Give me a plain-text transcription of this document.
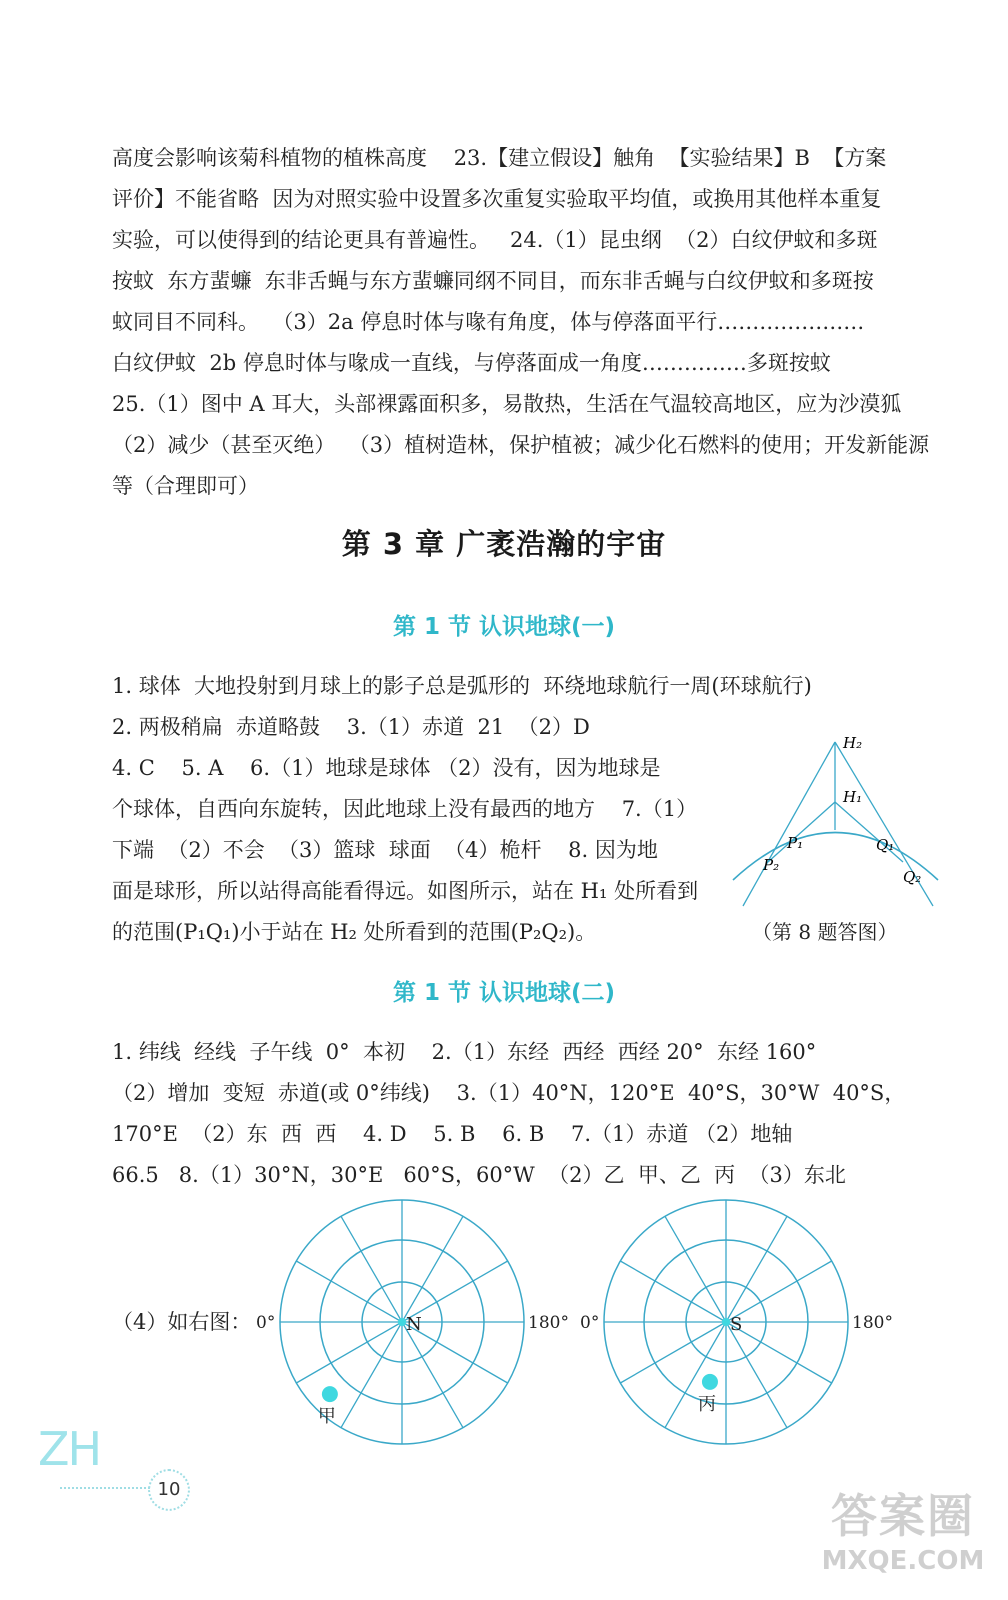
高度会影响该菊科植物的植株高度    23.【建立假设】触角  【实验结果】B  【方案
评价】不能省略  因为对照实验中设置多次重复实验取平均值，或换用其他样本重复
实验，可以使得到的结论更具有普遍性。   24.（1）昆虫纲  （2）白纹伊蚊和多斑
按蚊  东方蜚蠊  东非舌蝇与东方蜚蠊同纲不同目，而东非舌蝇与白纹伊蚊和多斑按
蚊同目不同科。  （3）2a 停息时体与喙有角度，体与停落面平行…………………
白纹伊蚊  2b 停息时体与喙成一直线，与停落面成一角度……………多斑按蚊
25.（1）图中 A 耳大，头部裸露面积多，易散热，生活在气温较高地区，应为沙漠狐
（2）减少（甚至灭绝）  （3）植树造林，保护植被；减少化石燃料的使用；开发新能源
等（合理即可）
第 3 章 广袤浩瀚的宇宙
第 1 节 认识地球(一)
1. 球体  大地投射到月球上的影子总是弧形的  环绕地球航行一周(环球航行)
2. 两极稍扁  赤道略鼓    3.（1）赤道  21  （2）D
4. C    5. A    6.（1）地球是球体 （2）没有，因为地球是
个球体，自西向东旋转，因此地球上没有最西的地方    7.（1）
下端  （2）不会  （3）篮球  球面  （4）桅杆    8. 因为地
面是球形，所以站得高能看得远。如图所示，站在 H₁ 处所看到
的范围(P₁Q₁)小于站在 H₂ 处所看到的范围(P₂Q₂)。
H₂
H₁
P₁
P₂
Q₁
Q₂
（第 8 题答图）
第 1 节 认识地球(二)
1. 纬线  经线  子午线  0°  本初    2.（1）东经  西经  西经 20°  东经 160°
（2）增加  变短  赤道(或 0°纬线)    3.（1）40°N，120°E  40°S，30°W  40°S，
170°E  （2）东  西  西    4. D    5. B    6. B    7.（1）赤道 （2）地轴
66.5   8.（1）30°N，30°E   60°S，60°W  （2）乙  甲、乙  丙  （3）东北
（4）如右图：	N
0°	180°
甲
S
0°	180°
丙
ZH
10	答案圈
MXQE.COM
